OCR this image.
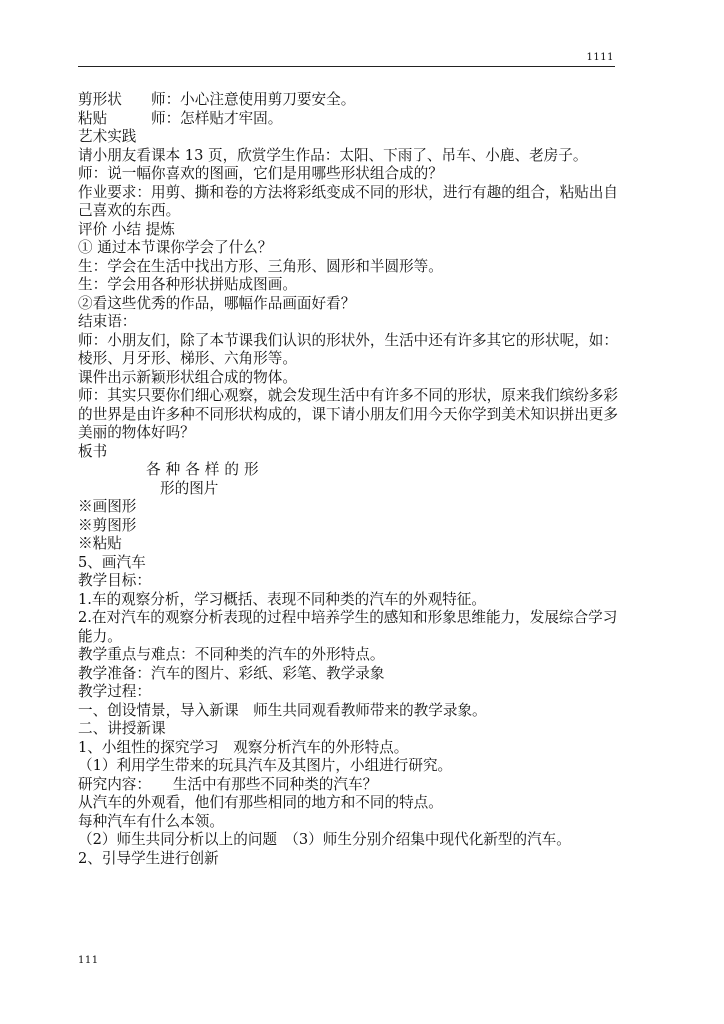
1111
剪形状　　师：小心注意使用剪刀要安全。
粘贴　　　师：怎样贴才牢固。
艺术实践
请小朋友看课本 13 页，欣赏学生作品：太阳、下雨了、吊车、小鹿、老房子。
师：说一幅你喜欢的图画，它们是用哪些形状组合成的？
作业要求：用剪、撕和卷的方法将彩纸变成不同的形状，进行有趣的组合，粘贴出自己喜欢的东西。
评价 小结 提炼
① 通过本节课你学会了什么？
生：学会在生活中找出方形、三角形、圆形和半圆形等。
生：学会用各种形状拼贴成图画。
②看这些优秀的作品，哪幅作品画面好看？
结束语：
师：小朋友们，除了本节课我们认识的形状外，生活中还有许多其它的形状呢，如：棱形、月牙形、梯形、六角形等。
课件出示新颖形状组合成的物体。
师：其实只要你们细心观察，就会发现生活中有许多不同的形状，原来我们缤纷多彩的世界是由许多种不同形状构成的，课下请小朋友们用今天你学到美术知识拼出更多美丽的物体好吗？
板书
各种各样的形
形的图片
※画图形
※剪图形
※粘贴
5、画汽车
教学目标：
1.车的观察分析，学习概括、表现不同种类的汽车的外观特征。
2.在对汽车的观察分析表现的过程中培养学生的感知和形象思维能力，发展综合学习能力。
教学重点与难点：不同种类的汽车的外形特点。
教学准备：汽车的图片、彩纸、彩笔、教学录象
教学过程：
一、创设情景，导入新课　师生共同观看教师带来的教学录象。
二、讲授新课
1、小组性的探究学习　观察分析汽车的外形特点。
（1）利用学生带来的玩具汽车及其图片，小组进行研究。
研究内容：　　生活中有那些不同种类的汽车？
从汽车的外观看，他们有那些相同的地方和不同的特点。
每种汽车有什么本领。
（2）师生共同分析以上的问题　（3）师生分别介绍集中现代化新型的汽车。
2、引导学生进行创新
111
